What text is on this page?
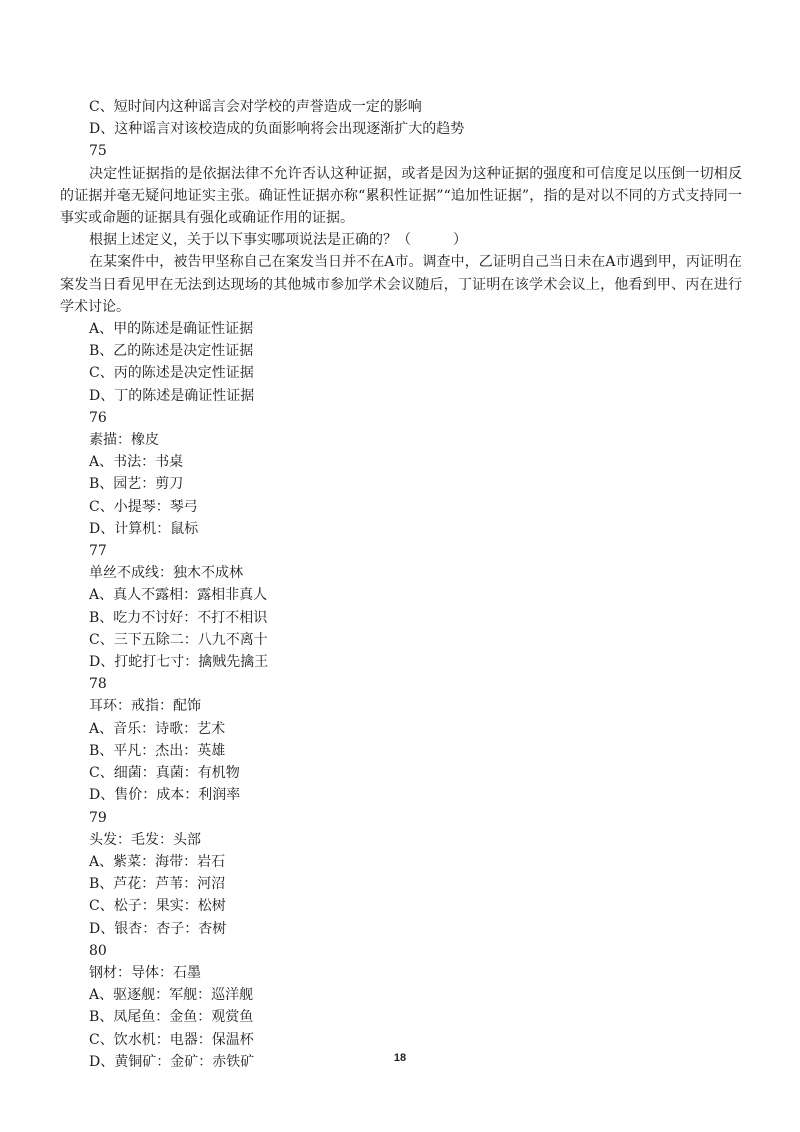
C、短时间内这种谣言会对学校的声誉造成一定的影响

D、这种谣言对该校造成的负面影响将会出现逐渐扩大的趋势

75

决定性证据指的是依据法律不允许否认这种证据，或者是因为这种证据的强度和可信度足以压倒一切相反的证据并毫无疑问地证实主张。确证性证据亦称“累积性证据”“追加性证据”，指的是对以不同的方式支持同一事实或命题的证据具有强化或确证作用的证据。

根据上述定义，关于以下事实哪项说法是正确的？（　　　）

在某案件中，被告甲坚称自己在案发当日并不在A市。调查中，乙证明自己当日未在A市遇到甲，丙证明在案发当日看见甲在无法到达现场的其他城市参加学术会议随后，丁证明在该学术会议上，他看到甲、丙在进行学术讨论。

A、甲的陈述是确证性证据

B、乙的陈述是决定性证据

C、丙的陈述是决定性证据

D、丁的陈述是确证性证据

76

素描：橡皮

A、书法：书桌

B、园艺：剪刀

C、小提琴：琴弓

D、计算机：鼠标

77

单丝不成线：独木不成林

A、真人不露相：露相非真人

B、吃力不讨好：不打不相识

C、三下五除二：八九不离十

D、打蛇打七寸：擒贼先擒王

78

耳环：戒指：配饰

A、音乐：诗歌：艺术

B、平凡：杰出：英雄

C、细菌：真菌：有机物

D、售价：成本：利润率

79

头发：毛发：头部

A、紫菜：海带：岩石

B、芦花：芦苇：河沼

C、松子：果实：松树

D、银杏：杏子：杏树

80

钢材：导体：石墨

A、驱逐舰：军舰：巡洋舰

B、凤尾鱼：金鱼：观赏鱼

C、饮水机：电器：保温杯

D、黄铜矿：金矿：赤铁矿	18
